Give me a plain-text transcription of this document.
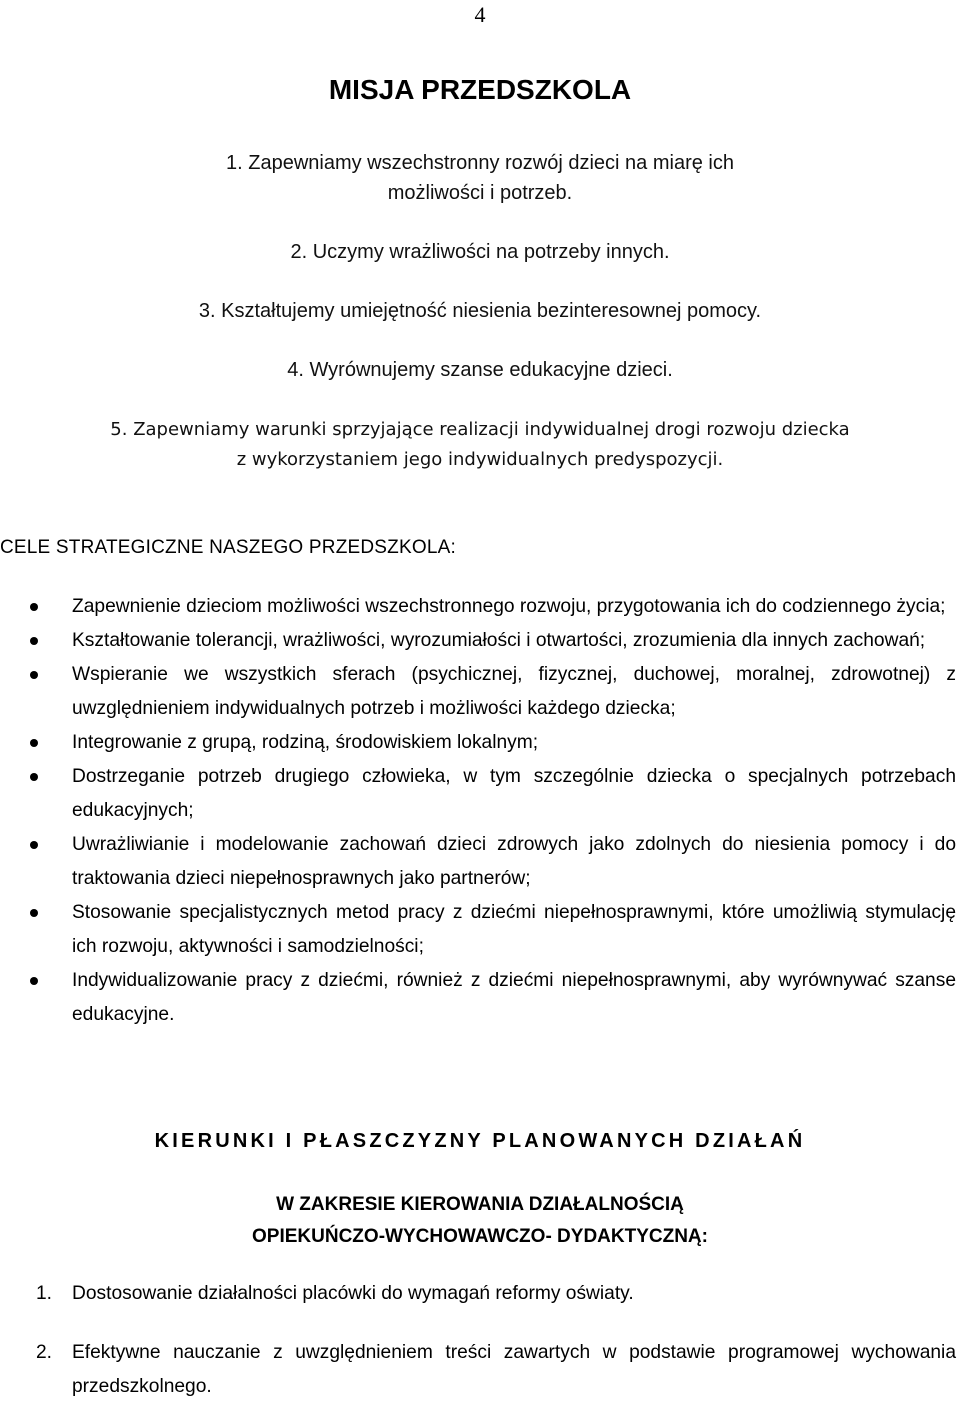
4
MISJA PRZEDSZKOLA
1. Zapewniamy wszechstronny rozwój dzieci na miarę ich
możliwości i potrzeb.
2. Uczymy wrażliwości na potrzeby innych.
3. Kształtujemy umiejętność niesienia bezinteresownej pomocy.
4. Wyrównujemy szanse edukacyjne dzieci.
5. Zapewniamy warunki sprzyjające realizacji indywidualnej drogi rozwoju dziecka
z wykorzystaniem jego indywidualnych predyspozycji.
CELE STRATEGICZNE NASZEGO PRZEDSZKOLA:
Zapewnienie dzieciom możliwości wszechstronnego rozwoju, przygotowania ich do codziennego życia;
Kształtowanie tolerancji, wrażliwości, wyrozumiałości i otwartości, zrozumienia dla innych zachowań;
Wspieranie we wszystkich sferach (psychicznej, fizycznej, duchowej, moralnej, zdrowotnej) z uwzględnieniem indywidualnych potrzeb i możliwości każdego dziecka;
Integrowanie z grupą, rodziną, środowiskiem lokalnym;
Dostrzeganie potrzeb drugiego człowieka, w tym szczególnie dziecka o specjalnych potrzebach edukacyjnych;
Uwrażliwianie i modelowanie zachowań dzieci zdrowych jako zdolnych do niesienia pomocy i do traktowania dzieci niepełnosprawnych jako partnerów;
Stosowanie specjalistycznych metod pracy z dziećmi niepełnosprawnymi, które umożliwią stymulację ich rozwoju, aktywności i samodzielności;
Indywidualizowanie pracy z dziećmi, również z dziećmi niepełnosprawnymi, aby wyrównywać szanse edukacyjne.
KIERUNKI I PŁASZCZYZNY PLANOWANYCH DZIAŁAŃ
W ZAKRESIE KIEROWANIA DZIAŁALNOŚCIĄ
OPIEKUŃCZO-WYCHOWAWCZO- DYDAKTYCZNĄ:
1. Dostosowanie działalności placówki do wymagań reformy oświaty.
2. Efektywne nauczanie z uwzględnieniem treści zawartych w podstawie programowej wychowania przedszkolnego.
